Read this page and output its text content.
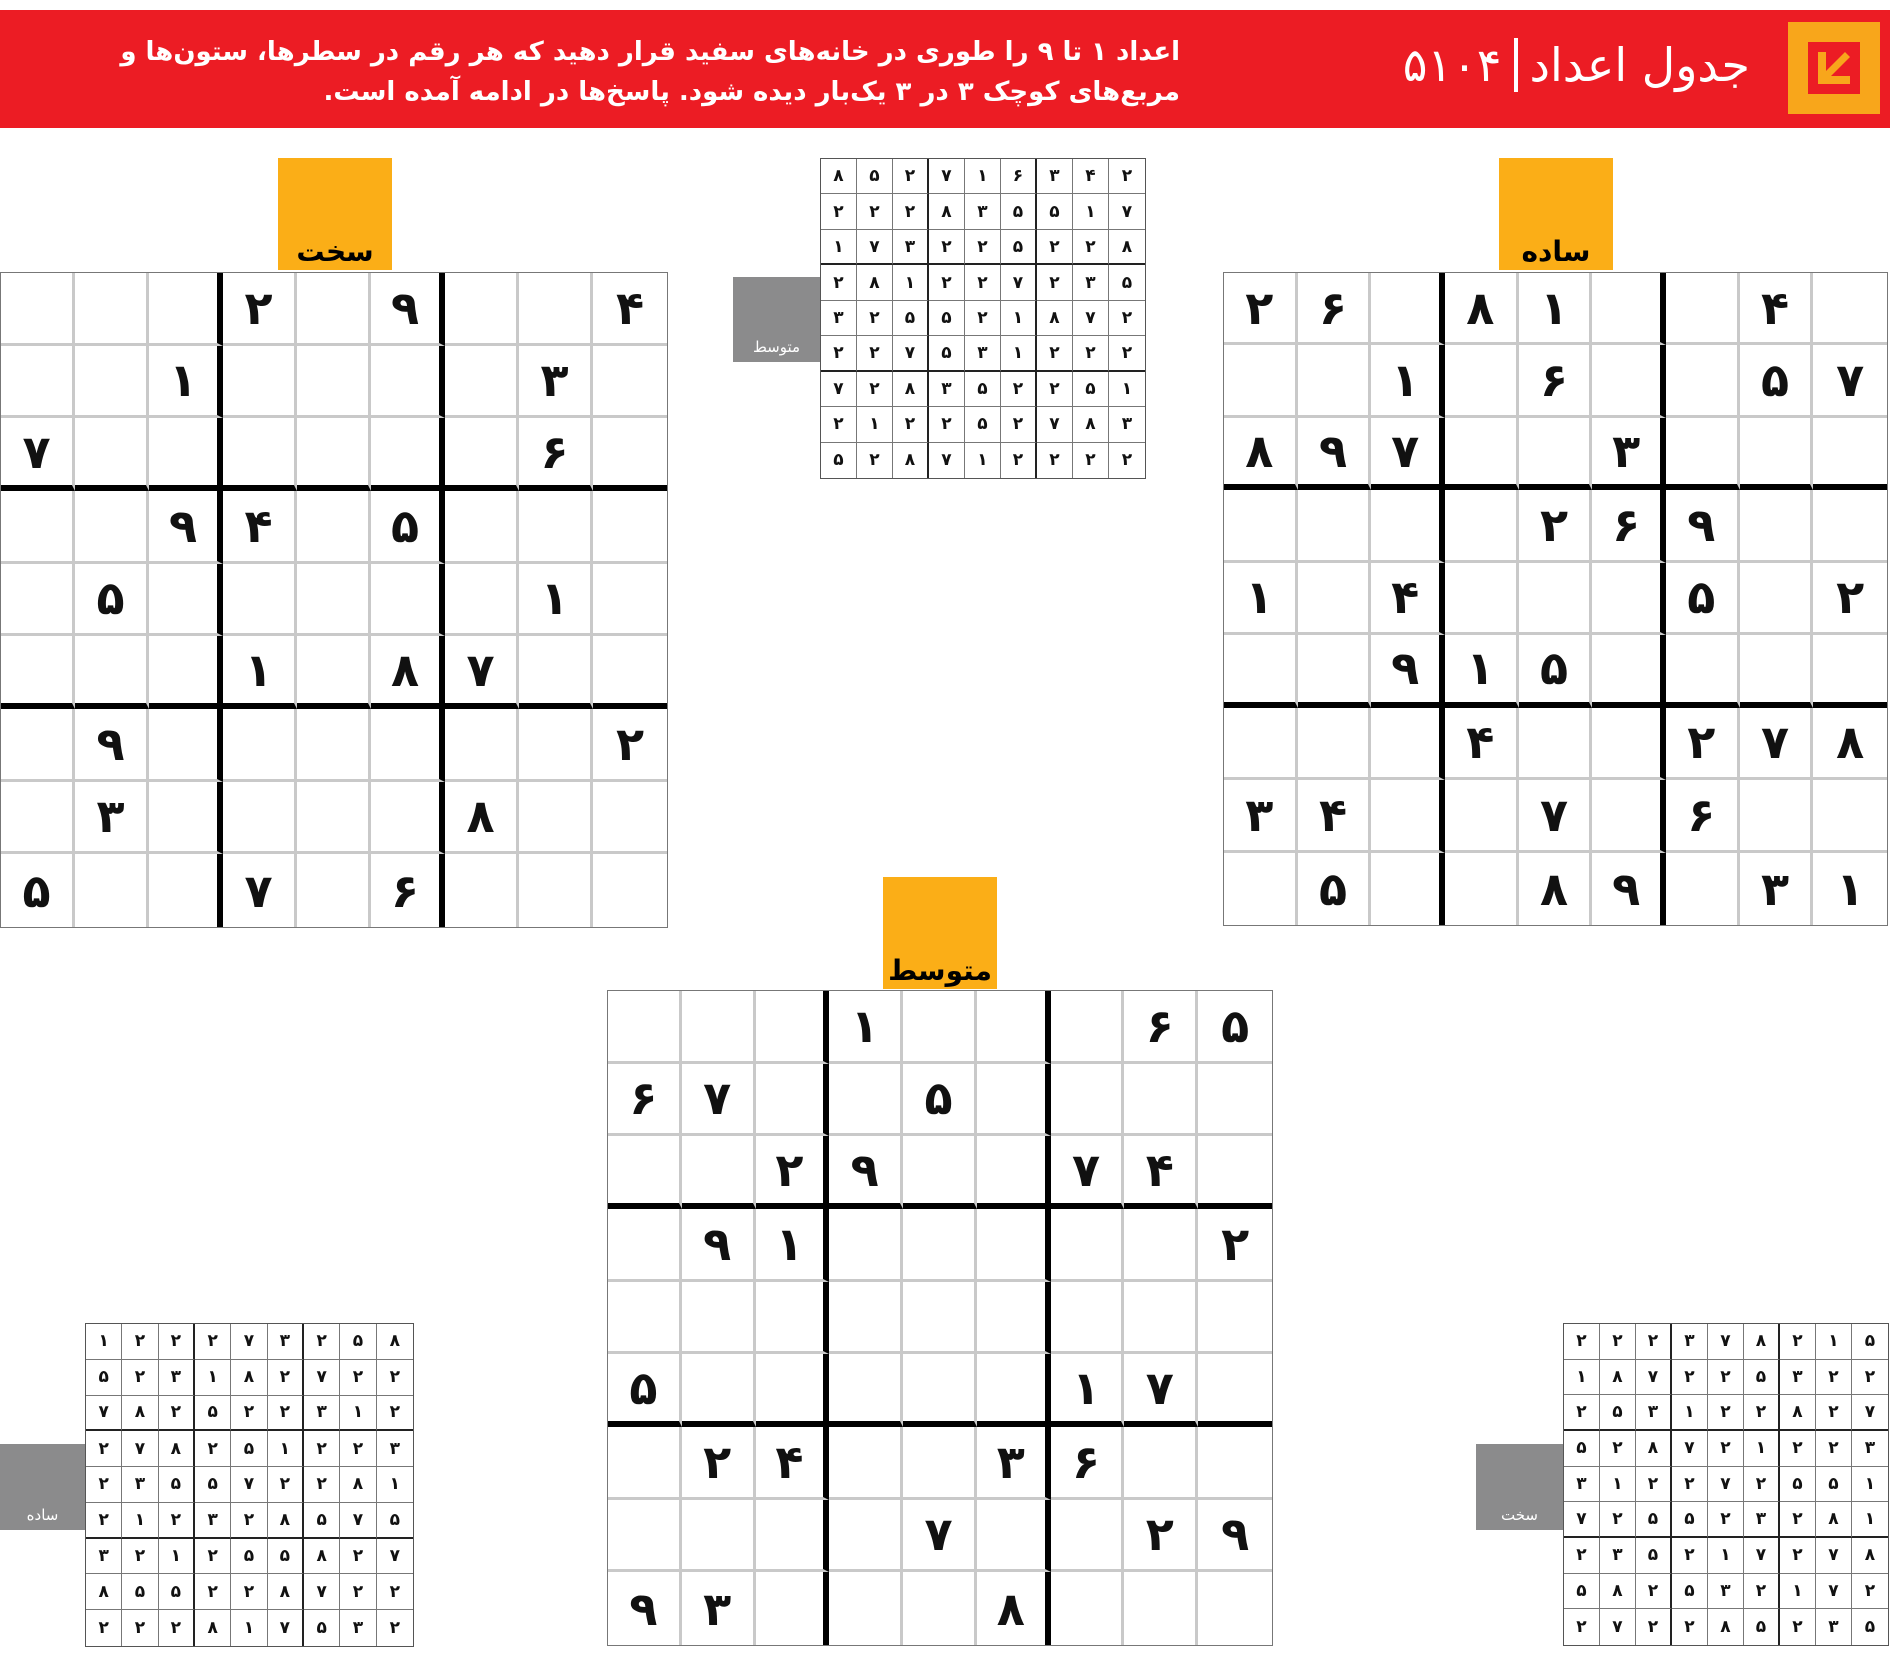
جدول اعداد
۵۱۰۴
اعداد ۱ تا ۹ را طوری در خانه‌های سفید قرار دهید که هر رقم در سطرها، ستون‌ها و مربع‌های کوچک ۳ در ۳ یک‌بار دیده شود. پاسخ‌ها در ادامه آمده است.
سخت
۴
۹
۲
۳
۱
۶
۷
۵
۴
۹
۱
۵
۷
۸
۱
۲
۹
۸
۳
۶
۷
۵
ساده
۴
۱
۸
۶
۲
۷
۵
۶
۱
۳
۷
۹
۸
۹
۶
۲
۲
۵
۴
۱
۵
۱
۹
۸
۷
۲
۴
۶
۷
۴
۳
۱
۳
۹
۸
۵
متوسط
۵
۶
۱
۵
۷
۶
۴
۷
۹
۲
۲
۱
۹
۷
۱
۵
۶
۳
۴
۲
۹
۲
۷
۸
۳
۹
متوسط
۲
۴
۳
۶
۱
۷
۲
۵
۸
۷
۱
۵
۵
۳
۸
۲
۲
۲
۸
۲
۲
۵
۲
۲
۳
۷
۱
۵
۳
۲
۷
۲
۲
۱
۸
۲
۲
۷
۸
۱
۲
۵
۵
۲
۳
۲
۲
۲
۱
۳
۵
۷
۲
۲
۱
۵
۲
۲
۵
۳
۸
۲
۷
۳
۸
۷
۲
۵
۲
۲
۱
۲
۲
۲
۲
۲
۱
۷
۸
۲
۵
ساده
۸
۵
۲
۳
۷
۲
۲
۲
۱
۲
۲
۷
۲
۸
۱
۳
۲
۵
۲
۱
۳
۲
۲
۵
۲
۸
۷
۳
۲
۲
۱
۵
۲
۸
۷
۲
۱
۸
۲
۲
۷
۵
۵
۳
۲
۵
۷
۵
۸
۲
۳
۲
۱
۲
۷
۲
۸
۵
۵
۲
۱
۲
۳
۲
۲
۷
۸
۲
۲
۵
۵
۸
۲
۳
۵
۷
۱
۸
۲
۲
۲
سخت
۵
۱
۲
۸
۷
۳
۲
۲
۲
۲
۲
۳
۵
۲
۲
۷
۸
۱
۷
۲
۸
۲
۲
۱
۳
۵
۲
۳
۲
۲
۱
۲
۷
۸
۲
۵
۱
۵
۵
۲
۷
۲
۲
۱
۳
۱
۸
۲
۳
۲
۵
۵
۲
۷
۸
۷
۲
۷
۱
۲
۵
۳
۲
۲
۷
۱
۲
۳
۵
۲
۸
۵
۵
۳
۲
۵
۸
۲
۲
۷
۲
